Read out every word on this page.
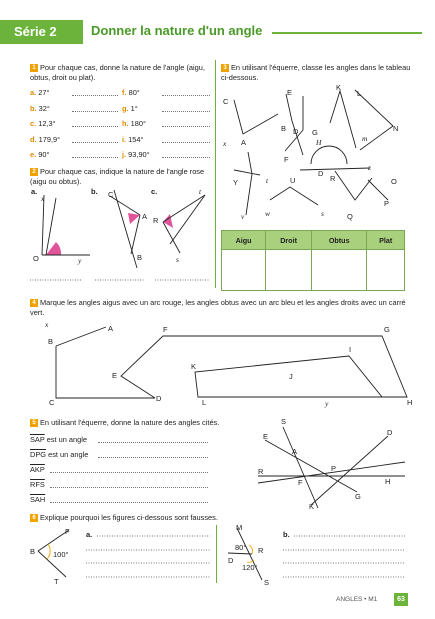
Série 2	Donner la nature d'un angle
1 Pour chaque cas, donne la nature de l'angle (aigu, obtus, droit ou plat).
a. 27°	f. 80°
b. 32°	g. 1°
c. 12,3°	h. 180°
d. 179,9°	i. 154°
e. 90°	j. 93,90°
2 Pour chaque cas, indique la nature de l'angle rose (aigu ou obtus).
a.
x
O	y
b. C
A
B
c.	t
R
s
3 En utilisant l'équerre, classe les angles dans le tableau ci-dessous.
C
A
B
E
D G
H
K
L
m
N
x
F
D
R
z
O
Y	t	U
v	w	s	Q
P
Aigu	Droit	Obtus	Plat

4 Marque les angles aigus avec un arc rouge, les angles obtus avec un arc bleu et les angles droits avec un carré vert.
x	A
B
F	G
E
D
C
K
J
I
L	y	H
5 En utilisant l'équerre, donne la nature des angles cités.
$\overline{SAP}$ est un angle
$\overline{DPG}$ est un angle
$\overline{AKP}$
$\overline{RFS}$
$\overline{SAH}$
S
E
A
D
R	P
H
F
G
K
6 Explique pourquoi les figures ci-dessous sont fausses.
F
B
T
100°
a.
M
R
D
S
80°
120°
b.
ANGLES • M1	63
